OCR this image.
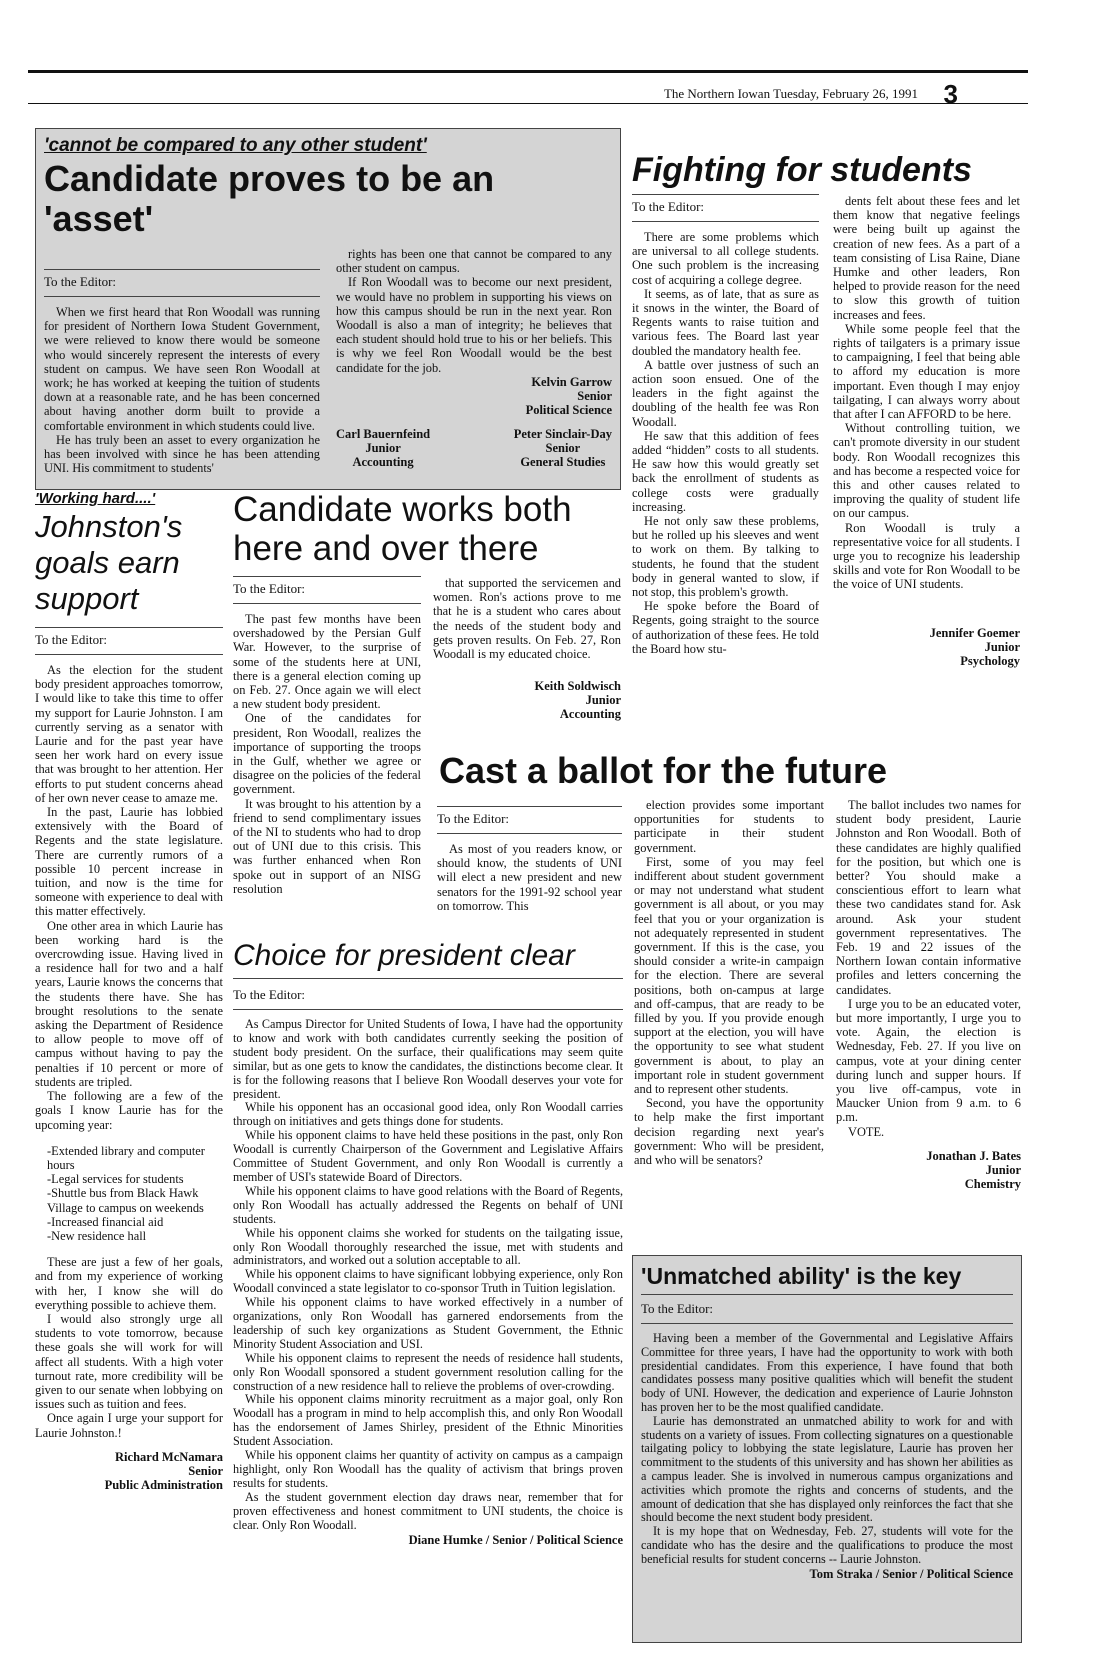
The Northern Iowan Tuesday, February 26, 1991 3
'cannot be compared to any other student'
Candidate proves to be an 'asset'
To the Editor:

When we first heard that Ron Woodall was running for president of Northern Iowa Student Government, we were relieved to know there would be someone who would sincerely represent the interests of every student on campus. We have seen Ron Woodall at work; he has worked at keeping the tuition of students down at a reasonable rate, and he has been concerned about having another dorm built to provide a comfortable environment in which students could live.

He has truly been an asset to every organization he has been involved with since he has been attending UNI. His commitment to students'

rights has been one that cannot be compared to any other student on campus.

If Ron Woodall was to become our next president, we would have no problem in supporting his views on how this campus should be run in the next year. Ron Woodall is also a man of integrity; he believes that each student should hold true to his or her beliefs. This is why we feel Ron Woodall would be the best candidate for the job.

Kelvin Garrow
Senior
Political Science
Carl Bauernfeind
Junior
Accounting
Peter Sinclair-Day
Senior
General Studies
Fighting for students
To the Editor:

There are some problems which are universal to all college students. One such problem is the increasing cost of acquiring a college degree.

It seems, as of late, that as sure as it snows in the winter, the Board of Regents wants to raise tuition and various fees. The Board last year doubled the mandatory health fee.

A battle over justness of such an action soon ensued. One of the leaders in the fight against the doubling of the health fee was Ron Woodall.

He saw that this addition of fees added “hidden” costs to all students. He saw how this would greatly set back the enrollment of students as college costs were gradually increasing.

He not only saw these problems, but he rolled up his sleeves and went to work on them. By talking to students, he found that the student body in general wanted to slow, if not stop, this problem's growth.

He spoke before the Board of Regents, going straight to the source of authorization of these fees. He told the Board how stu-

dents felt about these fees and let them know that negative feelings were being built up against the creation of new fees. As a part of a team consisting of Lisa Raine, Diane Humke and other leaders, Ron helped to provide reason for the need to slow this growth of tuition increases and fees.

While some people feel that the rights of tailgaters is a primary issue to campaigning, I feel that being able to afford my education is more important. Even though I may enjoy tailgating, I can always worry about that after I can AFFORD to be here.

Without controlling tuition, we can't promote diversity in our student body. Ron Woodall recognizes this and has become a respected voice for this and other causes related to improving the quality of student life on our campus.

Ron Woodall is truly a representative voice for all students. I urge you to recognize his leadership skills and vote for Ron Woodall to be the voice of UNI students.

Jennifer Goemer
Junior
Psychology
'Working hard....'
Johnston's goals earn support
To the Editor:

As the election for the student body president approaches tomorrow, I would like to take this time to offer my support for Laurie Johnston. I am currently serving as a senator with Laurie and for the past year have seen her work hard on every issue that was brought to her attention. Her efforts to put student concerns ahead of her own never cease to amaze me.

In the past, Laurie has lobbied extensively with the Board of Regents and the state legislature. There are currently rumors of a possible 10 percent increase in tuition, and now is the time for someone with experience to deal with this matter effectively.

One other area in which Laurie has been working hard is the overcrowding issue. Having lived in a residence hall for two and a half years, Laurie knows the concerns that the students there have. She has brought resolutions to the senate asking the Department of Residence to allow people to move off of campus without having to pay the penalties if 10 percent or more of students are tripled.

The following are a few of the goals I know Laurie has for the upcoming year:

-Extended library and computer hours
-Legal services for students
-Shuttle bus from Black Hawk Village to campus on weekends
-Increased financial aid
-New residence hall

These are just a few of her goals, and from my experience of working with her, I know she will do everything possible to achieve them.

I would also strongly urge all students to vote tomorrow, because these goals she will work for will affect all students. With a high voter turnout rate, more credibility will be given to our senate when lobbying on issues such as tuition and fees.

Once again I urge your support for Laurie Johnston.!

Richard McNamara
Senior
Public Administration
Candidate works both here and over there
To the Editor:

The past few months have been overshadowed by the Persian Gulf War. However, to the surprise of some of the students here at UNI, there is a general election coming up on Feb. 27. Once again we will elect a new student body president.

One of the candidates for president, Ron Woodall, realizes the importance of supporting the troops in the Gulf, whether we agree or disagree on the policies of the federal government.

It was brought to his attention by a friend to send complimentary issues of the NI to students who had to drop out of UNI due to this crisis. This was further enhanced when Ron spoke out in support of an NISG resolution

that supported the servicemen and women. Ron's actions prove to me that he is a student who cares about the needs of the student body and gets proven results. On Feb. 27, Ron Woodall is my educated choice.

Keith Soldwisch
Junior
Accounting
Cast a ballot for the future
To the Editor:

As most of you readers know, or should know, the students of UNI will elect a new president and new senators for the 1991-92 school year on tomorrow. This

election provides some important opportunities for students to participate in their student government.

First, some of you may feel indifferent about student government or may not understand what student government is all about, or you may feel that you or your organization is not adequately represented in student government. If this is the case, you should consider a write-in campaign for the election. There are several positions, both on-campus at large and off-campus, that are ready to be filled by you. If you provide enough support at the election, you will have the opportunity to see what student government is about, to play an important role in student government and to represent other students.

Second, you have the opportunity to help make the first important decision regarding next year's government: Who will be president, and who will be senators?

The ballot includes two names for student body president, Laurie Johnston and Ron Woodall. Both of these candidates are highly qualified for the position, but which one is better? You should make a conscientious effort to learn what these two candidates stand for. Ask around. Ask your student government representatives. The Feb. 19 and 22 issues of the Northern Iowan contain informative profiles and letters concerning the candidates.

I urge you to be an educated voter, but more importantly, I urge you to vote. Again, the election is Wednesday, Feb. 27. If you live on campus, vote at your dining center during lunch and supper hours. If you live off-campus, vote in Maucker Union from 9 a.m. to 6 p.m.

VOTE.

Jonathan J. Bates
Junior
Chemistry
Choice for president clear
To the Editor:

As Campus Director for United Students of Iowa, I have had the opportunity to know and work with both candidates currently seeking the position of student body president. On the surface, their qualifications may seem quite similar, but as one gets to know the candidates, the distinctions become clear. It is for the following reasons that I believe Ron Woodall deserves your vote for president.

While his opponent has an occasional good idea, only Ron Woodall carries through on initiatives and gets things done for students.

While his opponent claims to have held these positions in the past, only Ron Woodall is currently Chairperson of the Government and Legislative Affairs Committee of Student Government, and only Ron Woodall is currently a member of USI's statewide Board of Directors.

While his opponent claims to have good relations with the Board of Regents, only Ron Woodall has actually addressed the Regents on behalf of UNI students.

While his opponent claims she worked for students on the tailgating issue, only Ron Woodall thoroughly researched the issue, met with students and administrators, and worked out a solution acceptable to all.

While his opponent claims to have significant lobbying experience, only Ron Woodall convinced a state legislator to co-sponsor Truth in Tuition legislation.

While his opponent claims to have worked effectively in a number of organizations, only Ron Woodall has garnered endorsements from the leadership of such key organizations as Student Government, the Ethnic Minority Student Association and USI.

While his opponent claims to represent the needs of residence hall students, only Ron Woodall sponsored a student government resolution calling for the construction of a new residence hall to relieve the problems of over-crowding.

While his opponent claims minority recruitment as a major goal, only Ron Woodall has a program in mind to help accomplish this, and only Ron Woodall has the endorsement of James Shirley, president of the Ethnic Minorities Student Association.

While his opponent claims her quantity of activity on campus as a campaign highlight, only Ron Woodall has the quality of activism that brings proven results for students.

As the student government election day draws near, remember that for proven effectiveness and honest commitment to UNI students, the choice is clear. Only Ron Woodall.

Diane Humke / Senior / Political Science
'Unmatched ability' is the key
To the Editor:

Having been a member of the Governmental and Legislative Affairs Committee for three years, I have had the opportunity to work with both presidential candidates. From this experience, I have found that both candidates possess many positive qualities which will benefit the student body of UNI. However, the dedication and experience of Laurie Johnston has proven her to be the most qualified candidate.

Laurie has demonstrated an unmatched ability to work for and with students on a variety of issues. From collecting signatures on a questionable tailgating policy to lobbying the state legislature, Laurie has proven her commitment to the students of this university and has shown her abilities as a campus leader. She is involved in numerous campus organizations and activities which promote the rights and concerns of students, and the amount of dedication that she has displayed only reinforces the fact that she should become the next student body president.

It is my hope that on Wednesday, Feb. 27, students will vote for the candidate who has the desire and the qualifications to produce the most beneficial results for student concerns -- Laurie Johnston.

Tom Straka / Senior / Political Science
